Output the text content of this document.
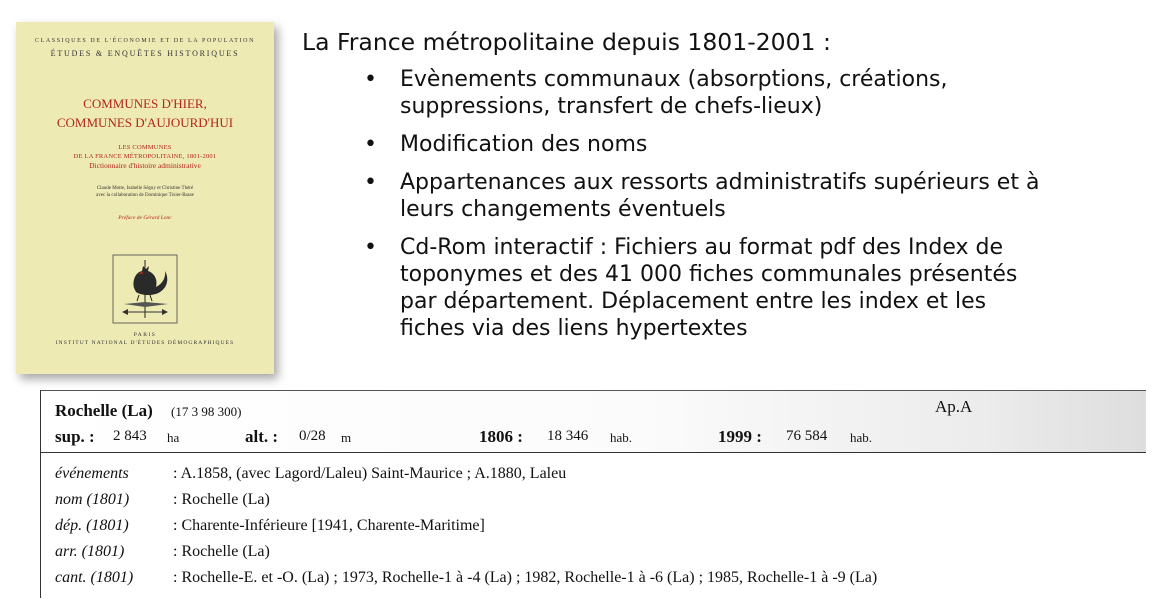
CLASSIQUES DE L'ÉCONOMIE ET DE LA POPULATION
ÉTUDES & ENQUÊTES HISTORIQUES
COMMUNES D'HIER,
COMMUNES D'AUJOURD'HUI
LES COMMUNES
DE LA FRANCE MÉTROPOLITAINE, 1801-2001
Dictionnaire d'histoire administrative
Claude Motte, Isabelle Séguy et Christine Théré
avec la collaboration de Dominique Tixier-Basse
Préface de Gérard Lonc
PARIS
INSTITUT NATIONAL D'ÉTUDES DÉMOGRAPHIQUES
La France métropolitaine depuis 1801-2001 :
• Evènements communaux (absorptions, créations,
suppressions, transfert de chefs-lieux)
• Modification des noms
• Appartenances aux ressorts administratifs supérieurs et à
leurs changements éventuels
• Cd-Rom interactif : Fichiers au format pdf des Index de
toponymes et des 41 000 fiches communales présentés
par département. Déplacement entre les index et les
fiches via des liens hypertextes
Rochelle (La) (17 3 98 300)	Ap.A
sup. : 2 843 ha	alt. : 0/28 m	1806 : 18 346 hab.	1999 : 76 584 hab.
événements	: A.1858, (avec Lagord/Laleu) Saint-Maurice ; A.1880, Laleu
nom (1801)	: Rochelle (La)
dép. (1801)	: Charente-Inférieure [1941, Charente-Maritime]
arr. (1801)	: Rochelle (La)
cant. (1801) : Rochelle-E. et -O. (La) ; 1973, Rochelle-1 à -4 (La) ; 1982, Rochelle-1 à -6 (La) ; 1985, Rochelle-1 à -9 (La)
